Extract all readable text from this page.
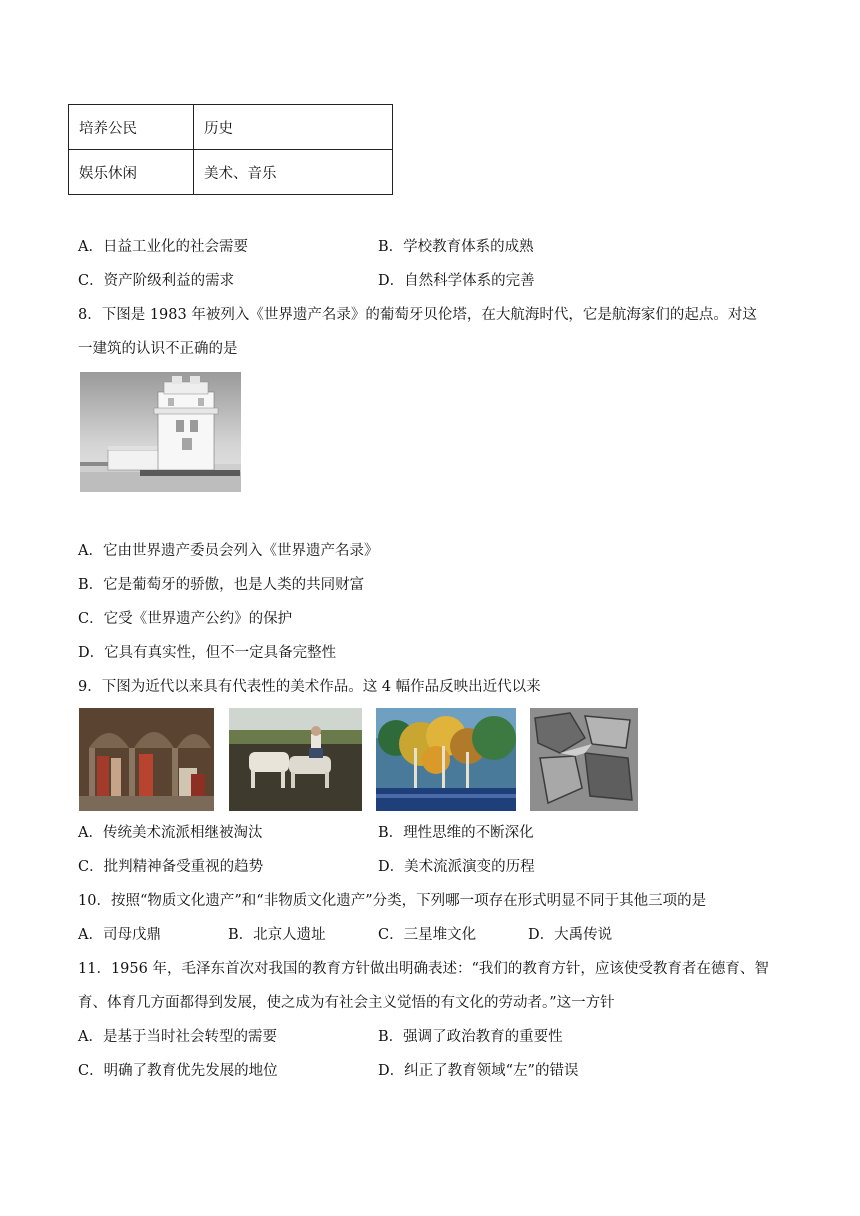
培养公民	历史
娱乐休闲	美术、音乐
A．日益工业化的社会需要	B．学校教育体系的成熟
C．资产阶级利益的需求	D．自然科学体系的完善
8．下图是 1983 年被列入《世界遗产名录》的葡萄牙贝伦塔，在大航海时代，它是航海家们的起点。对这
一建筑的认识不正确的是
A．它由世界遗产委员会列入《世界遗产名录》
B．它是葡萄牙的骄傲，也是人类的共同财富
C．它受《世界遗产公约》的保护
D．它具有真实性，但不一定具备完整性
9．下图为近代以来具有代表性的美术作品。这 4 幅作品反映出近代以来
A．传统美术流派相继被淘汰	B．理性思维的不断深化
C．批判精神备受重视的趋势	D．美术流派演变的历程
10．按照“物质文化遗产”和“非物质文化遗产”分类，下列哪一项存在形式明显不同于其他三项的是
A．司母戊鼎	B．北京人遗址	C．三星堆文化	D．大禹传说
11．1956 年，毛泽东首次对我国的教育方针做出明确表述：“我们的教育方针，应该使受教育者在德育、智
育、体育几方面都得到发展，使之成为有社会主义觉悟的有文化的劳动者。”这一方针
A．是基于当时社会转型的需要	B．强调了政治教育的重要性
C．明确了教育优先发展的地位	D．纠正了教育领域“左”的错误
